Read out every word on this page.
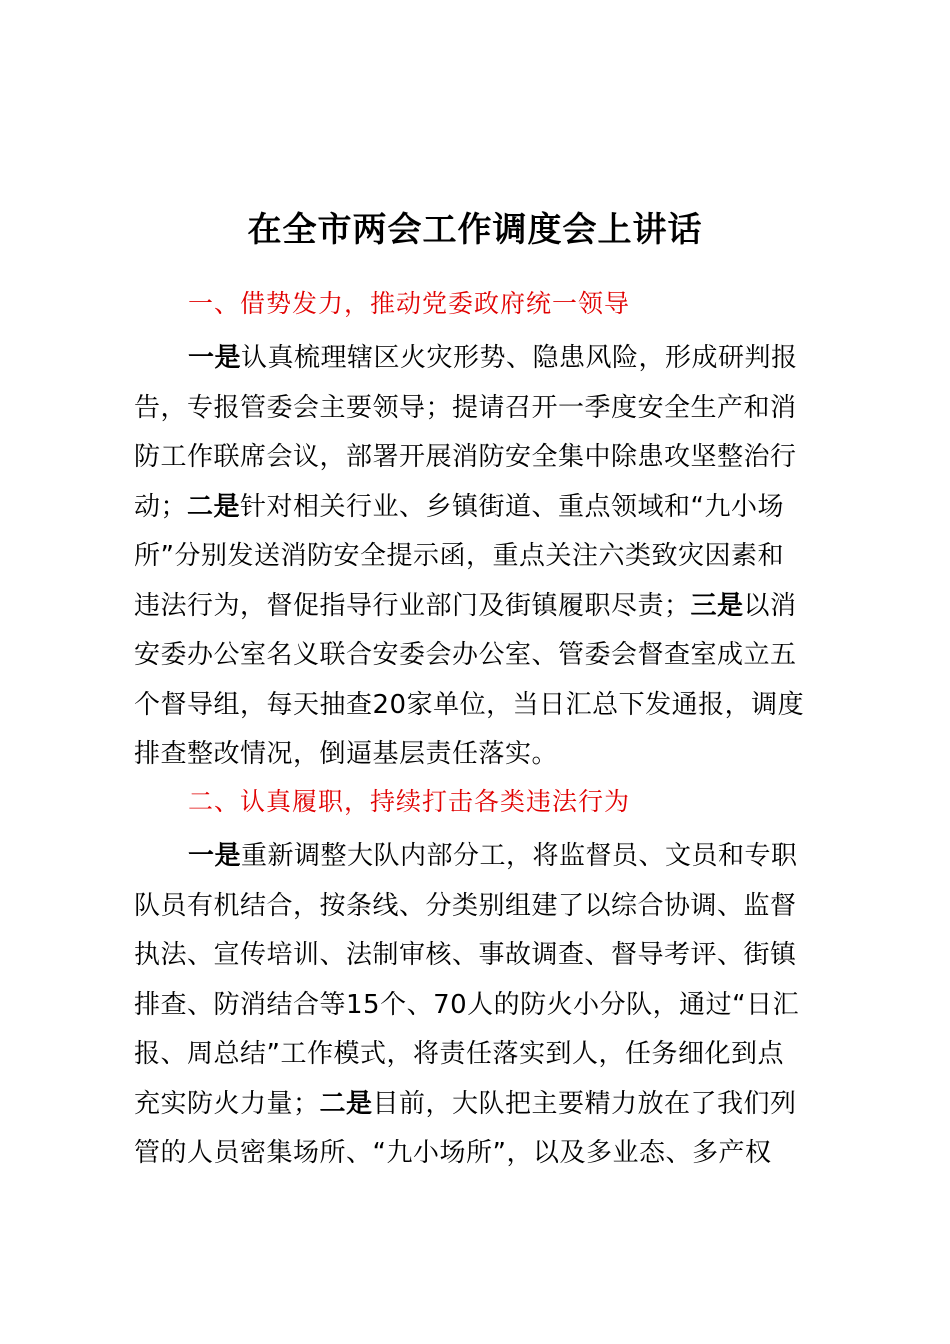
在全市两会工作调度会上讲话
一、借势发力，推动党委政府统一领导
一是认真梳理辖区火灾形势、隐患风险，形成研判报
告，专报管委会主要领导；提请召开一季度安全生产和消
防工作联席会议，部署开展消防安全集中除患攻坚整治行
动；二是针对相关行业、乡镇街道、重点领域和“九小场
所”分别发送消防安全提示函，重点关注六类致灾因素和
违法行为，督促指导行业部门及街镇履职尽责；三是以消
安委办公室名义联合安委会办公室、管委会督查室成立五
个督导组，每天抽查20家单位，当日汇总下发通报，调度
排查整改情况，倒逼基层责任落实。
二、认真履职，持续打击各类违法行为
一是重新调整大队内部分工，将监督员、文员和专职
队员有机结合，按条线、分类别组建了以综合协调、监督
执法、宣传培训、法制审核、事故调查、督导考评、街镇
排查、防消结合等15个、70人的防火小分队，通过“日汇
报、周总结”工作模式，将责任落实到人，任务细化到点
充实防火力量；二是目前，大队把主要精力放在了我们列
管的人员密集场所、“九小场所”，以及多业态、多产权
